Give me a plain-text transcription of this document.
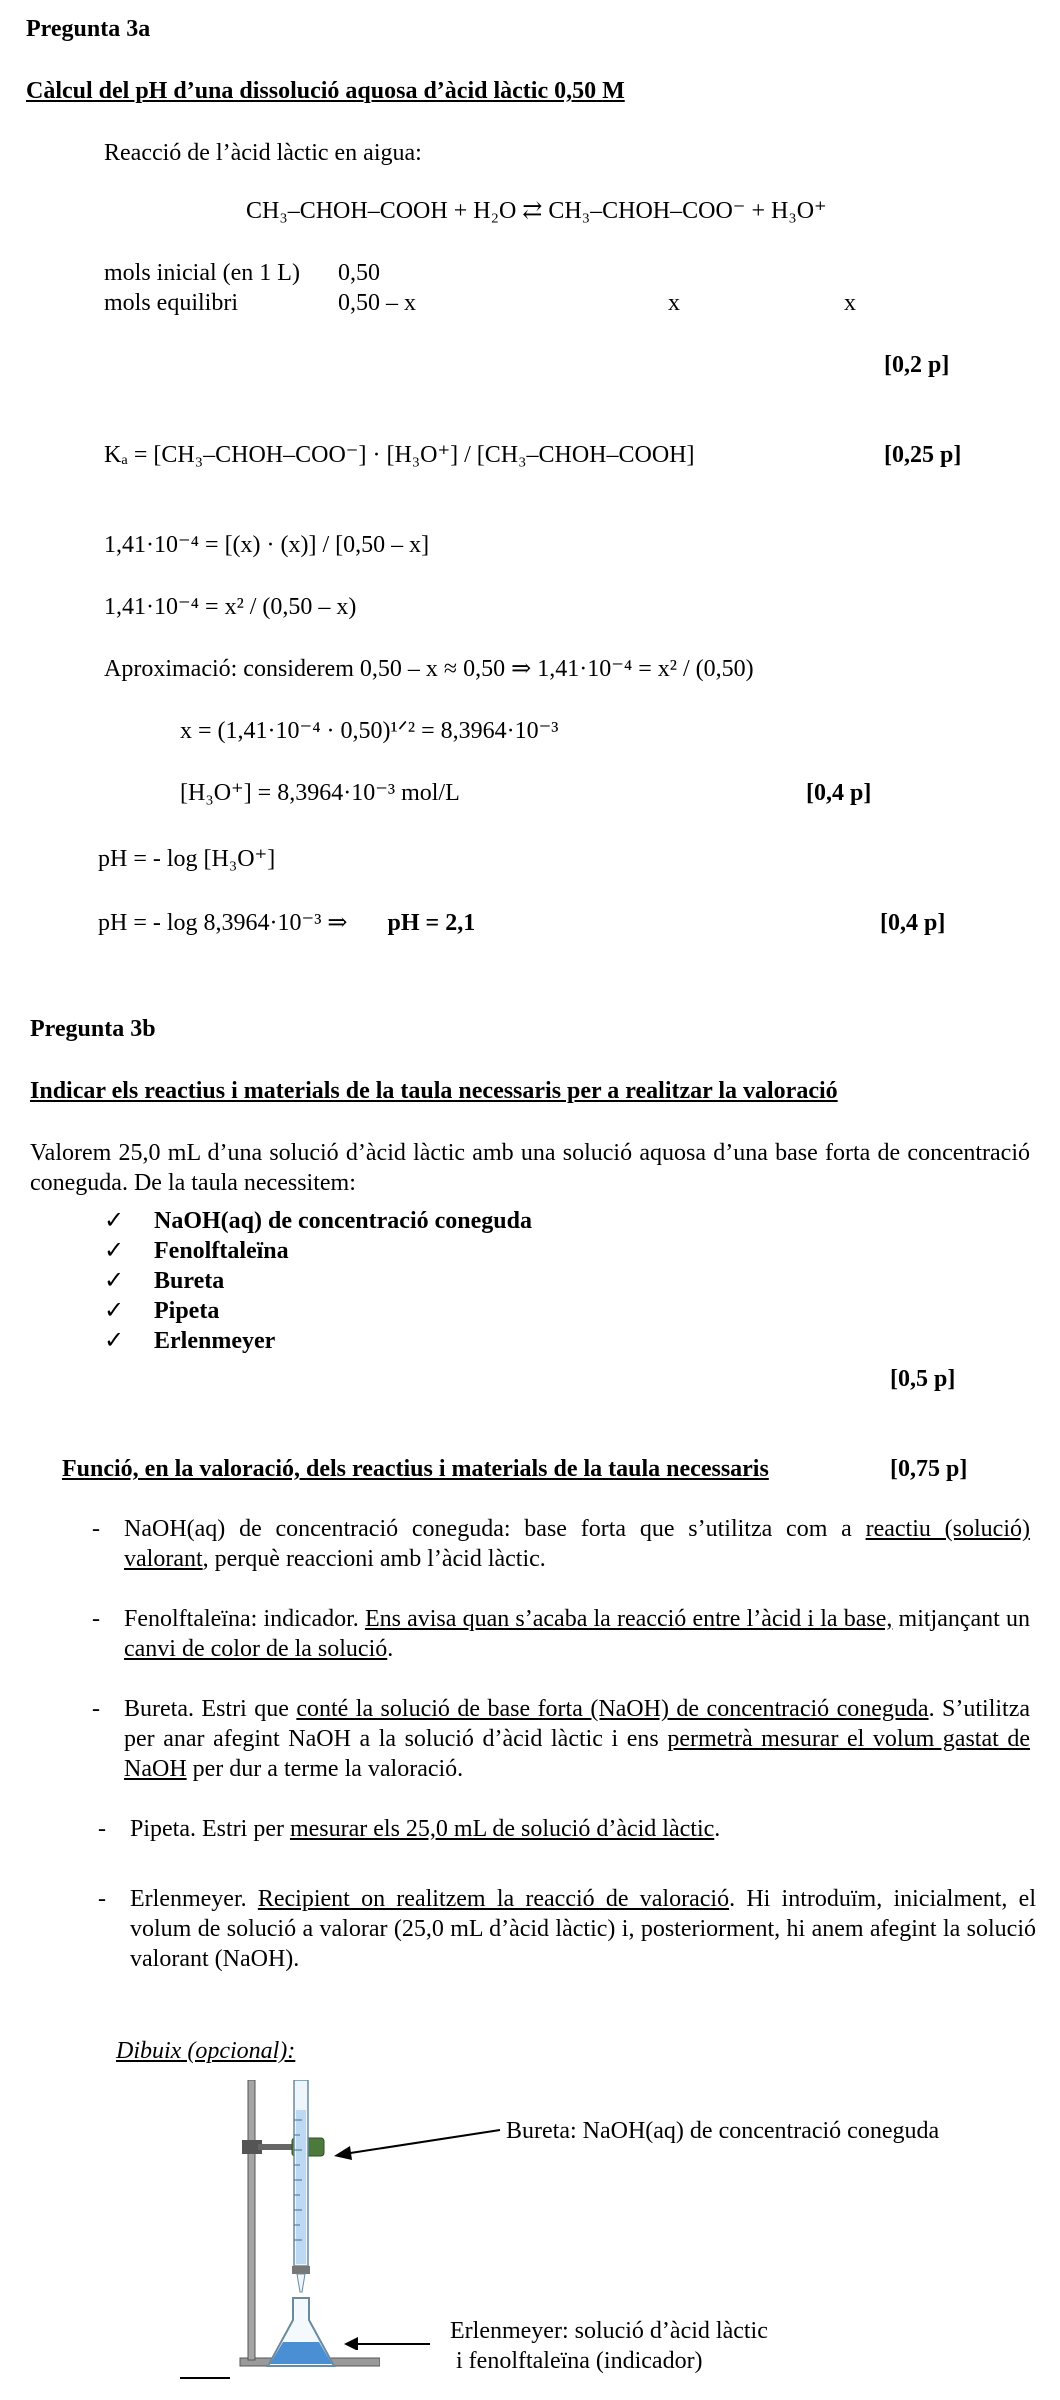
Pregunta 3a
Càlcul del pH d’una dissolució aquosa d’àcid làctic 0,50 M
Reacció de l’àcid làctic en aigua:
CH₃–CHOH–COOH + H₂O ⇄ CH₃–CHOH–COO⁻ + H₃O⁺
mols inicial (en 1 L) 0,50
mols equilibri	0,50 – x	x	x
[0,2 p]
Kₐ = [CH₃–CHOH–COO⁻] · [H₃O⁺] / [CH₃–CHOH–COOH]	[0,25 p]
1,41·10⁻⁴ = [(x) · (x)] / [0,50 – x]
1,41·10⁻⁴ = x² / (0,50 – x)
Aproximació: considerem 0,50 – x ≈ 0,50 ⇒ 1,41·10⁻⁴ = x² / (0,50)
x = (1,41·10⁻⁴ · 0,50)¹ᐟ² = 8,3964·10⁻³
[H₃O⁺] = 8,3964·10⁻³ mol/L	[0,4 p]
pH = - log [H₃O⁺]
pH = - log 8,3964·10⁻³ ⇒ pH = 2,1	[0,4 p]
Pregunta 3b
Indicar els reactius i materials de la taula necessaris per a realitzar la valoració
Valorem 25,0 mL d’una solució d’àcid làctic amb una solució aquosa d’una base forta de concentració coneguda. De la taula necessitem:
✓ NaOH(aq) de concentració coneguda
✓ Fenolftaleïna
✓ Bureta
✓ Pipeta
✓ Erlenmeyer
[0,5 p]
Funció, en la valoració, dels reactius i materials de la taula necessaris	[0,75 p]
- NaOH(aq) de concentració coneguda: base forta que s’utilitza com a reactiu (solució) valorant, perquè reaccioni amb l’àcid làctic.
- Fenolftaleïna: indicador. Ens avisa quan s’acaba la reacció entre l’àcid i la base, mitjançant un canvi de color de la solució.
- Bureta. Estri que conté la solució de base forta (NaOH) de concentració coneguda. S’utilitza per anar afegint NaOH a la solució d’àcid làctic i ens permetrà mesurar el volum gastat de NaOH per dur a terme la valoració.
- Pipeta. Estri per mesurar els 25,0 mL de solució d’àcid làctic.
- Erlenmeyer. Recipient on realitzem la reacció de valoració. Hi introduïm, inicialment, el volum de solució a valorar (25,0 mL d’àcid làctic) i, posteriorment, hi anem afegint la solució valorant (NaOH).
Dibuix (opcional):
Bureta: NaOH(aq) de concentració coneguda
Erlenmeyer: solució d’àcid làctic
i fenolftaleïna (indicador)
